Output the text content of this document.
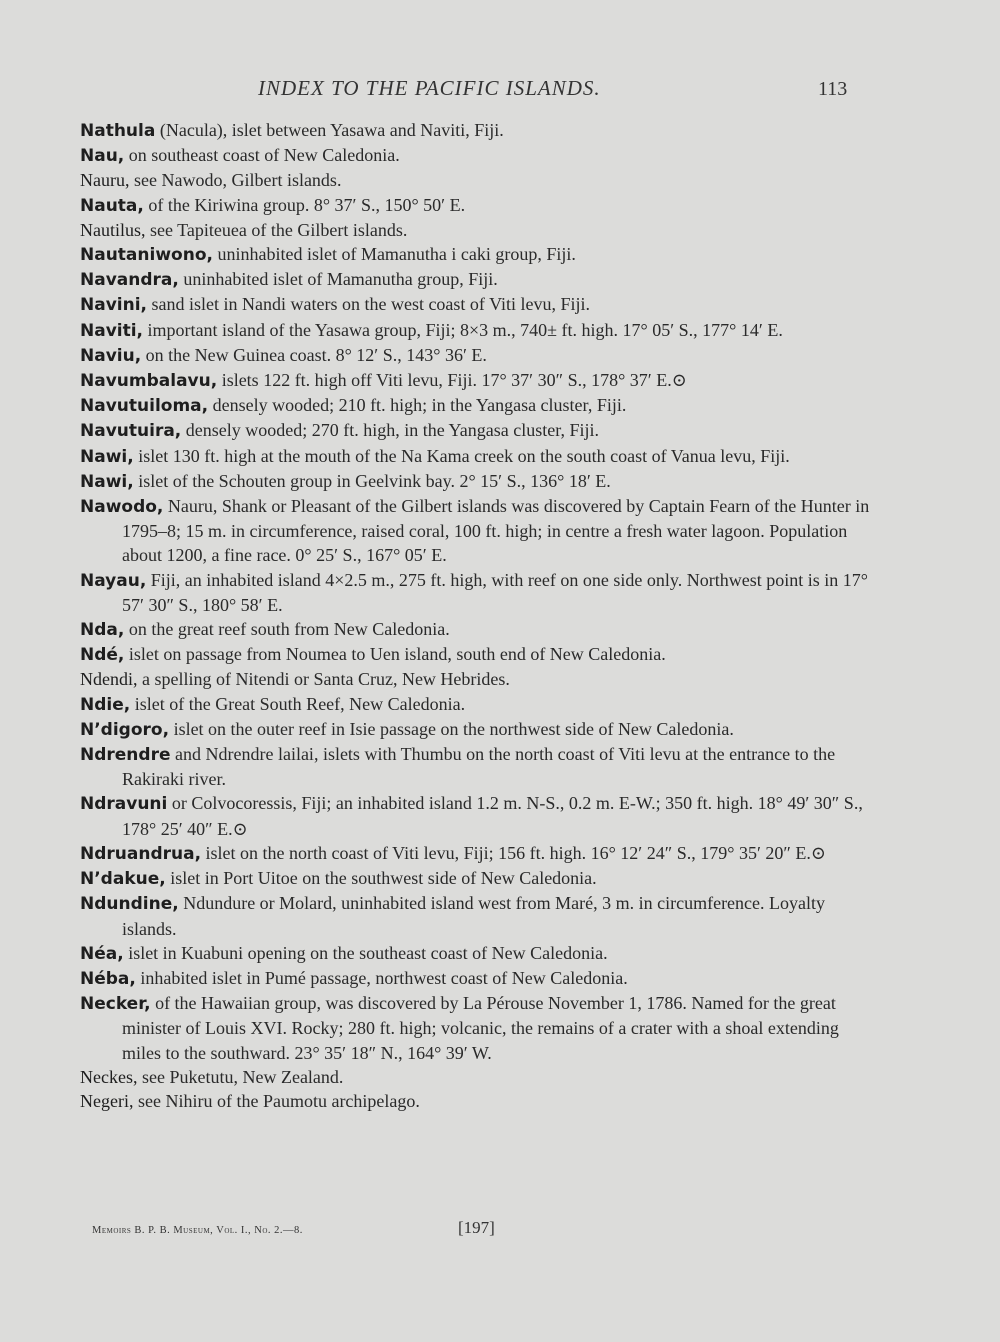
INDEX TO THE PACIFIC ISLANDS.	113
Nathula (Nacula), islet between Yasawa and Naviti, Fiji.
Nau, on southeast coast of New Caledonia.
Nauru, see Nawodo, Gilbert islands.
Nauta, of the Kiriwina group. 8° 37′ S., 150° 50′ E.
Nautilus, see Tapiteuea of the Gilbert islands.
Nautaniwono, uninhabited islet of Mamanutha i caki group, Fiji.
Navandra, uninhabited islet of Mamanutha group, Fiji.
Navini, sand islet in Nandi waters on the west coast of Viti levu, Fiji.
Naviti, important island of the Yasawa group, Fiji; 8×3 m., 740± ft. high. 17° 05′ S., 177° 14′ E.
Naviu, on the New Guinea coast. 8° 12′ S., 143° 36′ E.
Navumbalavu, islets 122 ft. high off Viti levu, Fiji. 17° 37′ 30″ S., 178° 37′ E.⊙
Navutuiloma, densely wooded; 210 ft. high; in the Yangasa cluster, Fiji.
Navutuira, densely wooded; 270 ft. high, in the Yangasa cluster, Fiji.
Nawi, islet 130 ft. high at the mouth of the Na Kama creek on the south coast of Vanua levu, Fiji.
Nawi, islet of the Schouten group in Geelvink bay. 2° 15′ S., 136° 18′ E.
Nawodo, Nauru, Shank or Pleasant of the Gilbert islands was discovered by Captain Fearn of the Hunter in 1795–8; 15 m. in circumference, raised coral, 100 ft. high; in centre a fresh water lagoon. Population about 1200, a fine race. 0° 25′ S., 167° 05′ E.
Nayau, Fiji, an inhabited island 4×2.5 m., 275 ft. high, with reef on one side only. Northwest point is in 17° 57′ 30″ S., 180° 58′ E.
Nda, on the great reef south from New Caledonia.
Ndé, islet on passage from Noumea to Uen island, south end of New Caledonia.
Ndendi, a spelling of Nitendi or Santa Cruz, New Hebrides.
Ndie, islet of the Great South Reef, New Caledonia.
N’digoro, islet on the outer reef in Isie passage on the northwest side of New Caledonia.
Ndrendre and Ndrendre lailai, islets with Thumbu on the north coast of Viti levu at the entrance to the Rakiraki river.
Ndravuni or Colvocoressis, Fiji; an inhabited island 1.2 m. N-S., 0.2 m. E-W.; 350 ft. high. 18° 49′ 30″ S., 178° 25′ 40″ E.⊙
Ndruandrua, islet on the north coast of Viti levu, Fiji; 156 ft. high. 16° 12′ 24″ S., 179° 35′ 20″ E.⊙
N’dakue, islet in Port Uitoe on the southwest side of New Caledonia.
Ndundine, Ndundure or Molard, uninhabited island west from Maré, 3 m. in circumference. Loyalty islands.
Néa, islet in Kuabuni opening on the southeast coast of New Caledonia.
Néba, inhabited islet in Pumé passage, northwest coast of New Caledonia.
Necker, of the Hawaiian group, was discovered by La Pérouse November 1, 1786. Named for the great minister of Louis XVI. Rocky; 280 ft. high; volcanic, the remains of a crater with a shoal extending miles to the southward. 23° 35′ 18″ N., 164° 39′ W.
Neckes, see Puketutu, New Zealand.
Negeri, see Nihiru of the Paumotu archipelago.
Memoirs B. P. B. Museum, Vol. I., No. 2.—8.	[197]
